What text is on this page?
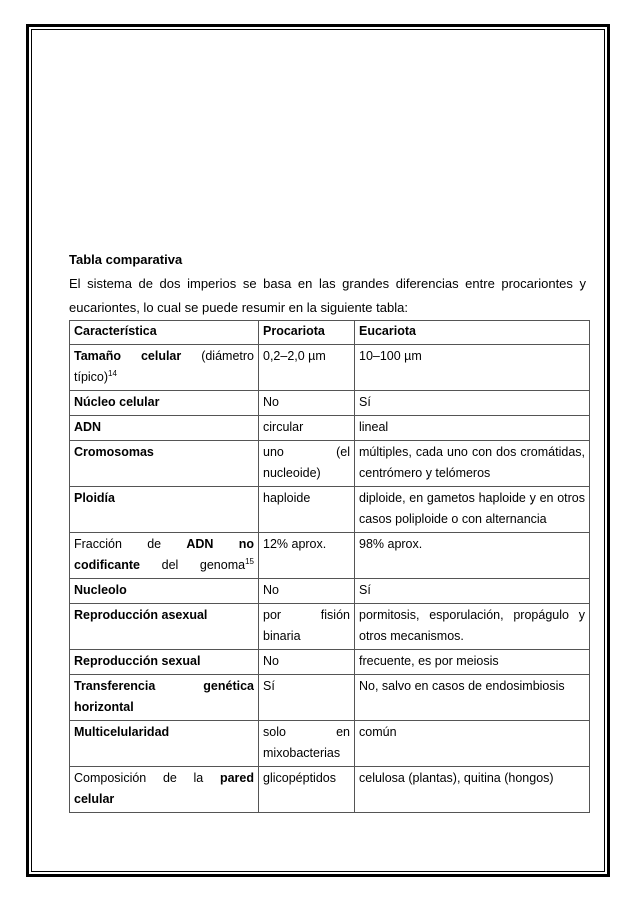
Tabla comparativa

El sistema de dos imperios se basa en las grandes diferencias entre procariontes y eucariontes, lo cual se puede resumir en la siguiente tabla:

Característica	Procariota	Eucariota
Tamaño celular (diámetro típico)$^{14}$	0,2–2,0 µm	10–100 µm
Núcleo celular	No	Sí
ADN	circular	lineal
Cromosomas	uno (el nucleoide)	múltiples, cada uno con dos cromátidas, centrómero y telómeros
Ploidía	haploide	diploide, en gametos haploide y en otros casos poliploide o con alternancia
Fracción de ADN no codificante del genoma$^{15}$	12% aprox.	98% aprox.
Nucleolo	No	Sí
Reproducción asexual	por fisión binaria	pormitosis, esporulación, propágulo y otros mecanismos.
Reproducción sexual	No	frecuente, es por meiosis
Transferencia genética horizontal	Sí	No, salvo en casos de endosimbiosis
Multicelularidad	solo en mixobacterias	común
Composición de la pared celular	glicopéptidos	celulosa (plantas), quitina (hongos)
